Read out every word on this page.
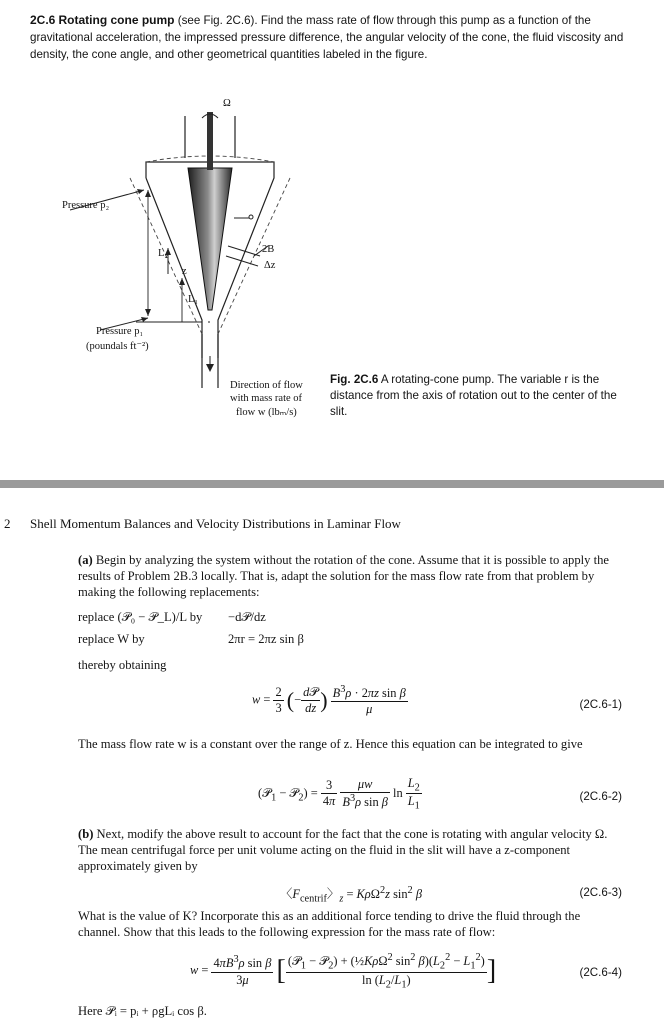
2C.6 Rotating cone pump (see Fig. 2C.6). Find the mass rate of flow through this pump as a function of the gravitational acceleration, the impressed pressure difference, the angular velocity of the cone, the fluid viscosity and density, the cone angle, and other geometrical quantities labeled in the figure.
Ω
Pressure p₂
L₂
z
2B
Δz
L₁
Pressure p₁
(poundals ft⁻²)
Direction of flow
with mass rate of
flow w (lbₘ/s)
Fig. 2C.6 A rotating-cone pump. The variable r is the distance from the axis of rotation out to the center of the slit.
2 Shell Momentum Balances and Velocity Distributions in Laminar Flow
(a) Begin by analyzing the system without the rotation of the cone. Assume that it is possible to apply the results of Problem 2B.3 locally. That is, adapt the solution for the mass flow rate from that problem by making the following replacements:
replace (𝒫₀ − 𝒫_L)/L by −d𝒫/dz
replace W by	2πr = 2πz sin β
thereby obtaining
$w = \frac{2}{3}$ (− $\frac{\text{d𝒫}}{dz}$ ) $\frac{B^3\rho \cdot 2\pi z \sin \beta}{\mu}$	(2C.6-1)
The mass flow rate w is a constant over the range of z. Hence this equation can be integrated to give
(𝒫$_1$ − 𝒫$_2$) = $\frac{3}{4\pi}$
$\frac{\mu w}{B^3\rho \sin \beta}$ $\ln \frac{L_2}{L_1}$	(2C.6-2)
(b) Next, modify the above result to account for the fact that the cone is rotating with angular velocity Ω. The mean centrifugal force per unit volume acting on the fluid in the slit will have a z-component approximately given by
〈$F_{centrif}$〉$_z$ = KρΩ$^2$z $\sin^2 \beta$	(2C.6-3)
What is the value of K? Incorporate this as an additional force tending to drive the fluid through the channel. Show that this leads to the following expression for the mass rate of flow:
$w = \frac{4\pi B^3\rho \sin \beta}{3\mu}$ [ $\frac{(𝒫_1 - 𝒫_2) + (\frac{1}{2}K\rho\Omega^2 \sin^2 \beta)(L_2^2 - L_1^2)}{\ln (L_2/L_1)}$ ]	(2C.6-4)
Here 𝒫ᵢ = pᵢ + ρgLᵢ cos β.
